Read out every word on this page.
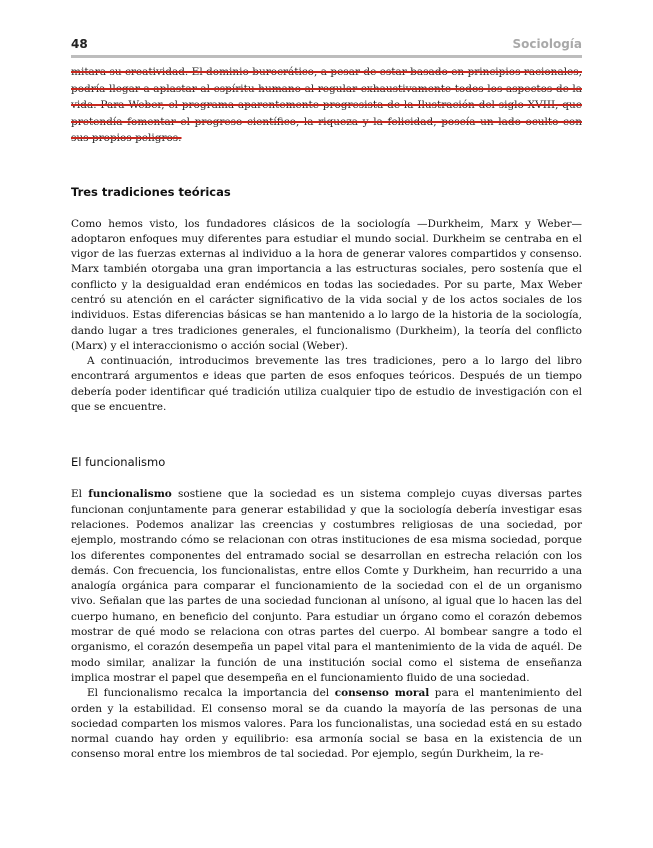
48	Sociología

mitara su creatividad. El dominio burocrático, a pesar de estar basado en principios racionales, podría llegar a aplastar al espíritu humano al regular exhaustivamente todos los aspectos de la vida. Para Weber, el programa aparentemente progresista de la Ilustración del siglo XVIII, que pretendía fomentar el progreso científico, la riqueza y la felicidad, poseía un lado oculto con sus propios peligros.

Tres tradiciones teóricas

Como hemos visto, los fundadores clásicos de la sociología —Durkheim, Marx y Weber— adoptaron enfoques muy diferentes para estudiar el mundo social. Durkheim se centraba en el vigor de las fuerzas externas al individuo a la hora de generar valores compartidos y consenso. Marx también otorgaba una gran importancia a las estructuras sociales, pero sostenía que el conflicto y la desigualdad eran endémicos en todas las sociedades. Por su parte, Max Weber centró su atención en el carácter significativo de la vida social y de los actos sociales de los individuos. Estas diferencias básicas se han mantenido a lo largo de la historia de la sociología, dando lugar a tres tradiciones generales, el funcionalismo (Durkheim), la teoría del conflicto (Marx) y el interaccionismo o acción social (Weber).

A continuación, introducimos brevemente las tres tradiciones, pero a lo largo del libro encontrará argumentos e ideas que parten de esos enfoques teóricos. Después de un tiempo debería poder identificar qué tradición utiliza cualquier tipo de estudio de investigación con el que se encuentre.

El funcionalismo

El funcionalismo sostiene que la sociedad es un sistema complejo cuyas diversas partes funcionan conjuntamente para generar estabilidad y que la sociología debería investigar esas relaciones. Podemos analizar las creencias y costumbres religiosas de una sociedad, por ejemplo, mostrando cómo se relacionan con otras instituciones de esa misma sociedad, porque los diferentes componentes del entramado social se desarrollan en estrecha relación con los demás. Con frecuencia, los funcionalistas, entre ellos Comte y Durkheim, han recurrido a una analogía orgánica para comparar el funcionamiento de la sociedad con el de un organismo vivo. Señalan que las partes de una sociedad funcionan al unísono, al igual que lo hacen las del cuerpo humano, en beneficio del conjunto. Para estudiar un órgano como el corazón debemos mostrar de qué modo se relaciona con otras partes del cuerpo. Al bombear sangre a todo el organismo, el corazón desempeña un papel vital para el mantenimiento de la vida de aquél. De modo similar, analizar la función de una institución social como el sistema de enseñanza implica mostrar el papel que desempeña en el funcionamiento fluido de una sociedad.

El funcionalismo recalca la importancia del consenso moral para el mantenimiento del orden y la estabilidad. El consenso moral se da cuando la mayoría de las personas de una sociedad comparten los mismos valores. Para los funcionalistas, una sociedad está en su estado normal cuando hay orden y equilibrio: esa armonía social se basa en la existencia de un consenso moral entre los miembros de tal sociedad. Por ejemplo, según Durkheim, la re-
